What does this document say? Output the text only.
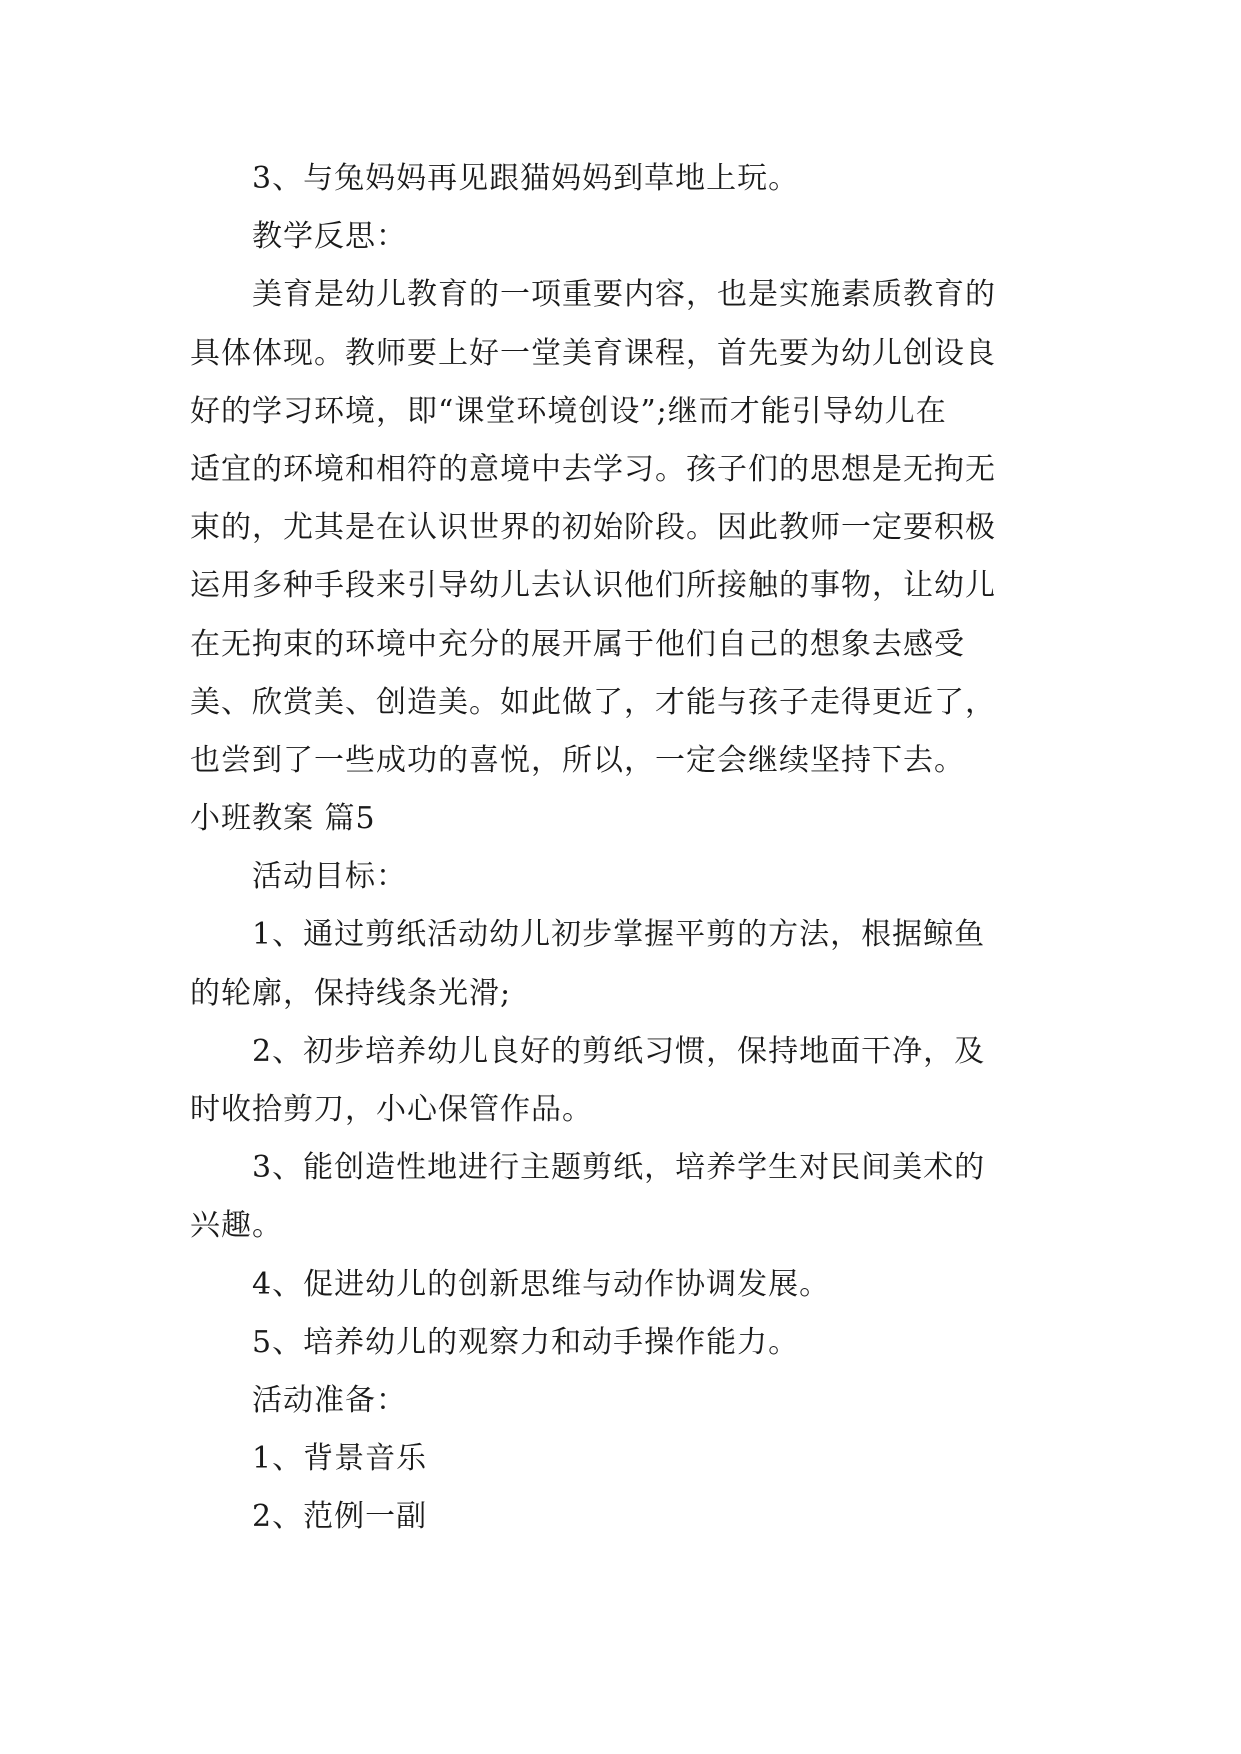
3、与兔妈妈再见跟猫妈妈到草地上玩。
教学反思：
美育是幼儿教育的一项重要内容，也是实施素质教育的
具体体现。教师要上好一堂美育课程，首先要为幼儿创设良
好的学习环境，即“课堂环境创设”;继而才能引导幼儿在
适宜的环境和相符的意境中去学习。孩子们的思想是无拘无
束的，尤其是在认识世界的初始阶段。因此教师一定要积极
运用多种手段来引导幼儿去认识他们所接触的事物，让幼儿
在无拘束的环境中充分的展开属于他们自己的想象去感受
美、欣赏美、创造美。如此做了，才能与孩子走得更近了，
也尝到了一些成功的喜悦，所以，一定会继续坚持下去。
小班教案 篇5
活动目标：
1、通过剪纸活动幼儿初步掌握平剪的方法，根据鲸鱼
的轮廓，保持线条光滑;
2、初步培养幼儿良好的剪纸习惯，保持地面干净，及
时收拾剪刀，小心保管作品。
3、能创造性地进行主题剪纸，培养学生对民间美术的
兴趣。
4、促进幼儿的创新思维与动作协调发展。
5、培养幼儿的观察力和动手操作能力。
活动准备：
1、背景音乐
2、范例一副
